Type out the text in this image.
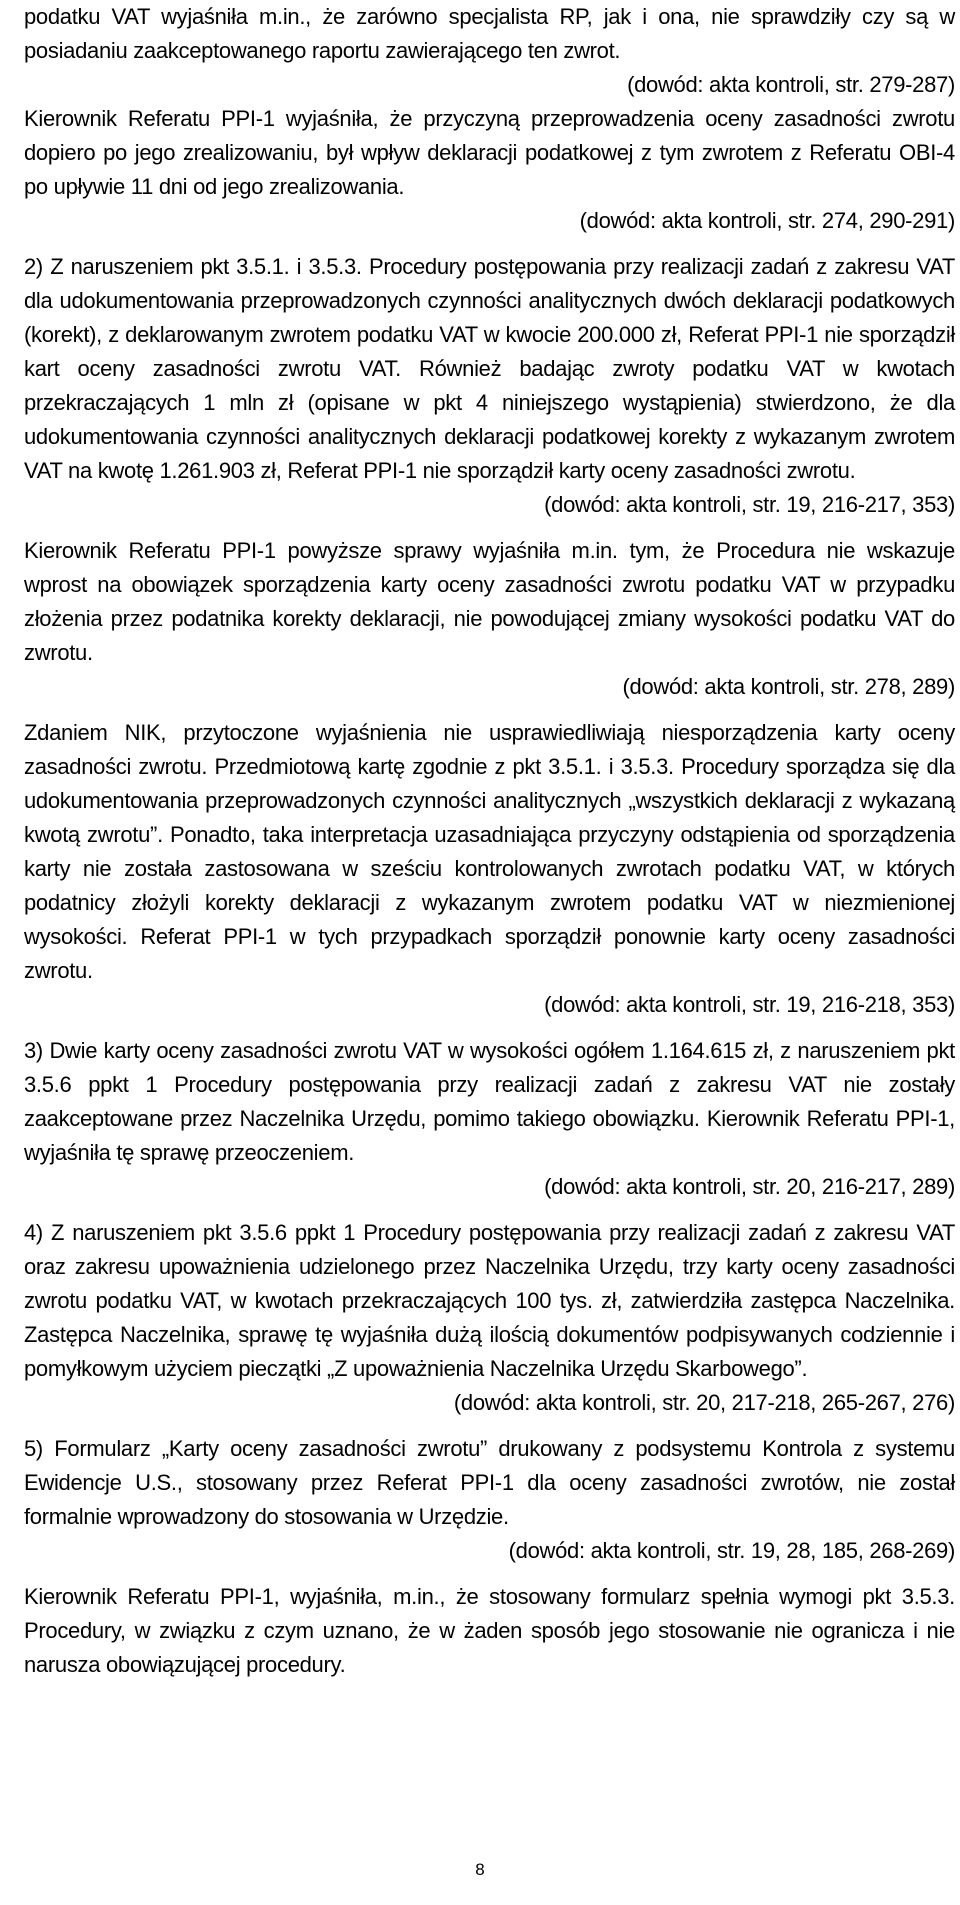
podatku VAT wyjaśniła m.in., że zarówno specjalista RP, jak i ona, nie sprawdziły czy są w posiadaniu zaakceptowanego raportu zawierającego ten zwrot.

(dowód: akta kontroli, str. 279-287)

Kierownik Referatu PPI-1 wyjaśniła, że przyczyną przeprowadzenia oceny zasadności zwrotu dopiero po jego zrealizowaniu, był wpływ deklaracji podatkowej z tym zwrotem z Referatu OBI-4 po upływie 11 dni od jego zrealizowania.

(dowód: akta kontroli, str. 274, 290-291)

2) Z naruszeniem pkt 3.5.1. i 3.5.3. Procedury postępowania przy realizacji zadań z zakresu VAT dla udokumentowania przeprowadzonych czynności analitycznych dwóch deklaracji podatkowych (korekt), z deklarowanym zwrotem podatku VAT w kwocie 200.000 zł, Referat PPI-1 nie sporządził kart oceny zasadności zwrotu VAT. Również badając zwroty podatku VAT w kwotach przekraczających 1 mln zł (opisane w pkt 4 niniejszego wystąpienia) stwierdzono, że dla udokumentowania czynności analitycznych deklaracji podatkowej korekty z wykazanym zwrotem VAT na kwotę 1.261.903 zł, Referat PPI-1 nie sporządził karty oceny zasadności zwrotu.

(dowód: akta kontroli, str. 19, 216-217, 353)

Kierownik Referatu PPI-1 powyższe sprawy wyjaśniła m.in. tym, że Procedura nie wskazuje wprost na obowiązek sporządzenia karty oceny zasadności zwrotu podatku VAT w przypadku złożenia przez podatnika korekty deklaracji, nie powodującej zmiany wysokości podatku VAT do zwrotu.

(dowód: akta kontroli, str. 278, 289)

Zdaniem NIK, przytoczone wyjaśnienia nie usprawiedliwiają niesporządzenia karty oceny zasadności zwrotu. Przedmiotową kartę zgodnie z pkt 3.5.1. i 3.5.3. Procedury sporządza się dla udokumentowania przeprowadzonych czynności analitycznych „wszystkich deklaracji z wykazaną kwotą zwrotu”. Ponadto, taka interpretacja uzasadniająca przyczyny odstąpienia od sporządzenia karty nie została zastosowana w sześciu kontrolowanych zwrotach podatku VAT, w których podatnicy złożyli korekty deklaracji z wykazanym zwrotem podatku VAT w niezmienionej wysokości. Referat PPI-1 w tych przypadkach sporządził ponownie karty oceny zasadności zwrotu.

(dowód: akta kontroli, str. 19, 216-218, 353)

3) Dwie karty oceny zasadności zwrotu VAT w wysokości ogółem 1.164.615 zł, z naruszeniem pkt 3.5.6 ppkt 1 Procedury postępowania przy realizacji zadań z zakresu VAT nie zostały zaakceptowane przez Naczelnika Urzędu, pomimo takiego obowiązku. Kierownik Referatu PPI-1, wyjaśniła tę sprawę przeoczeniem.

(dowód: akta kontroli, str. 20, 216-217, 289)

4) Z naruszeniem pkt 3.5.6 ppkt 1 Procedury postępowania przy realizacji zadań z zakresu VAT oraz zakresu upoważnienia udzielonego przez Naczelnika Urzędu, trzy karty oceny zasadności zwrotu podatku VAT, w kwotach przekraczających 100 tys. zł, zatwierdziła zastępca Naczelnika. Zastępca Naczelnika, sprawę tę wyjaśniła dużą ilością dokumentów podpisywanych codziennie i pomyłkowym użyciem pieczątki „Z upoważnienia Naczelnika Urzędu Skarbowego”.

(dowód: akta kontroli, str. 20, 217-218, 265-267, 276)

5) Formularz „Karty oceny zasadności zwrotu” drukowany z podsystemu Kontrola z systemu Ewidencje U.S., stosowany przez Referat PPI-1 dla oceny zasadności zwrotów, nie został formalnie wprowadzony do stosowania w Urzędzie.

(dowód: akta kontroli, str. 19, 28, 185, 268-269)

Kierownik Referatu PPI-1, wyjaśniła, m.in., że stosowany formularz spełnia wymogi pkt 3.5.3. Procedury, w związku z czym uznano, że w żaden sposób jego stosowanie nie ogranicza i nie narusza obowiązującej procedury.

8
